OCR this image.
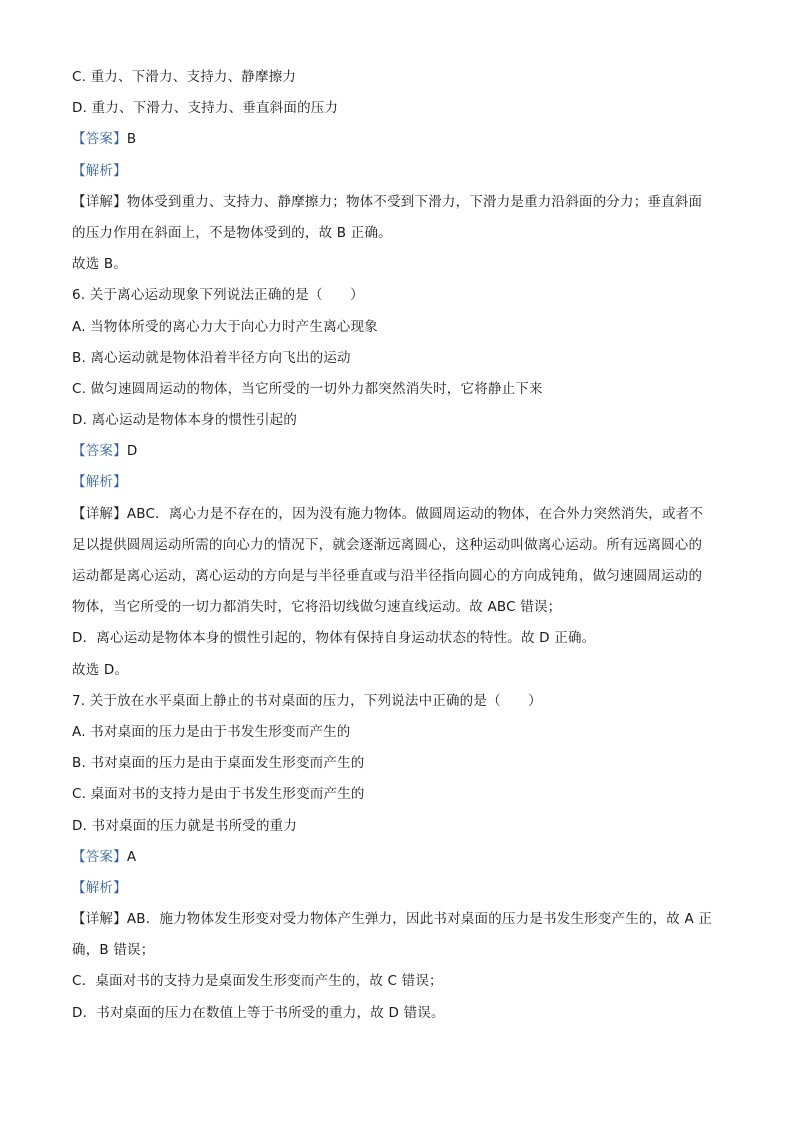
C. 重力、下滑力、支持力、静摩擦力
D. 重力、下滑力、支持力、垂直斜面的压力
【答案】B
【解析】
【详解】物体受到重力、支持力、静摩擦力；物体不受到下滑力，下滑力是重力沿斜面的分力；垂直斜面
的压力作用在斜面上，不是物体受到的，故 B 正确。
故选 B。
6. 关于离心运动现象下列说法正确的是（　　）
A. 当物体所受的离心力大于向心力时产生离心现象
B. 离心运动就是物体沿着半径方向飞出的运动
C. 做匀速圆周运动的物体，当它所受的一切外力都突然消失时，它将静止下来
D. 离心运动是物体本身的惯性引起的
【答案】D
【解析】
【详解】ABC．离心力是不存在的，因为没有施力物体。做圆周运动的物体，在合外力突然消失，或者不
足以提供圆周运动所需的向心力的情况下，就会逐渐远离圆心，这种运动叫做离心运动。所有远离圆心的
运动都是离心运动，离心运动的方向是与半径垂直或与沿半径指向圆心的方向成钝角，做匀速圆周运动的
物体，当它所受的一切力都消失时，它将沿切线做匀速直线运动。故 ABC 错误；
D．离心运动是物体本身的惯性引起的，物体有保持自身运动状态的特性。故 D 正确。
故选 D。
7. 关于放在水平桌面上静止的书对桌面的压力，下列说法中正确的是（　　）
A. 书对桌面的压力是由于书发生形变而产生的
B. 书对桌面的压力是由于桌面发生形变而产生的
C. 桌面对书的支持力是由于书发生形变而产生的
D. 书对桌面的压力就是书所受的重力
【答案】A
【解析】
【详解】AB．施力物体发生形变对受力物体产生弹力，因此书对桌面的压力是书发生形变产生的，故 A 正
确，B 错误；
C．桌面对书的支持力是桌面发生形变而产生的，故 C 错误；
D．书对桌面的压力在数值上等于书所受的重力，故 D 错误。
